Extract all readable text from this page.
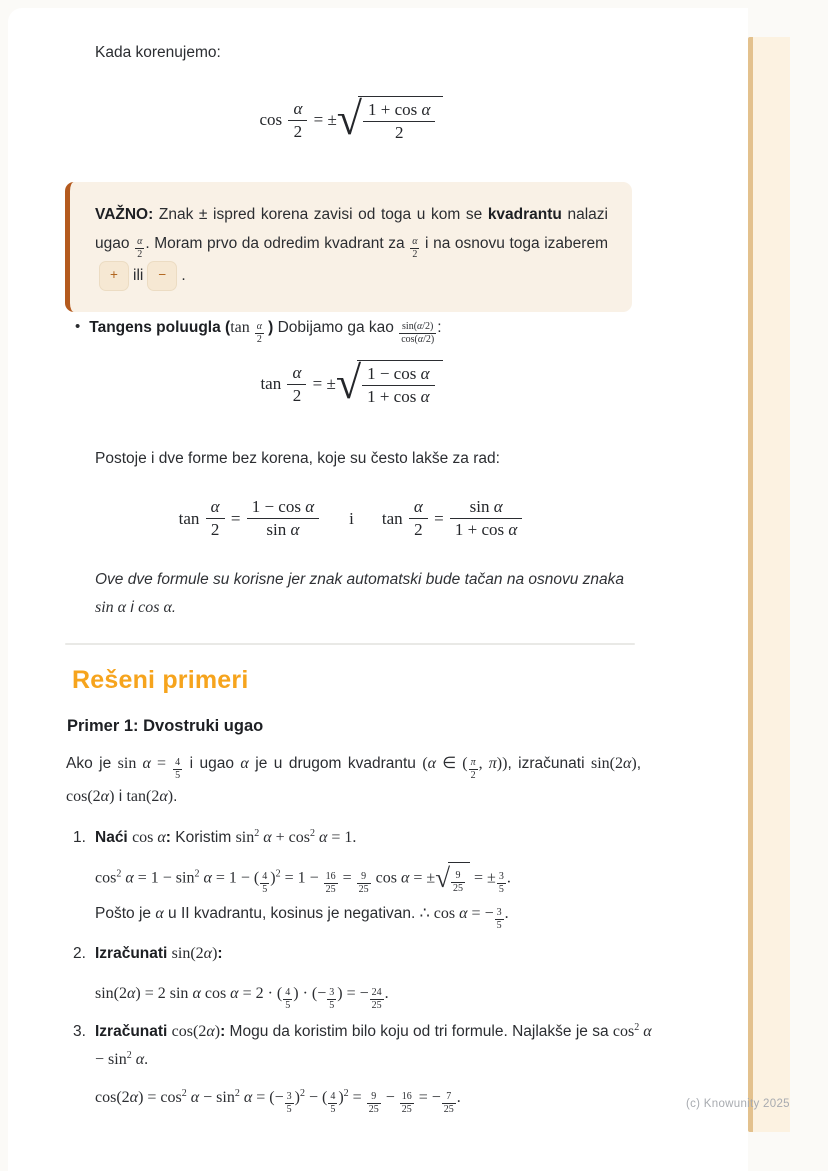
Kada korenujemo:
$\cos \frac{\alpha}{2}$ = ± √ $\frac{\text{1 + cos α}}{2}$
VAŽNO: Znak ± ispred korena zavisi od toga u kom se kvadrantu nalazi ugao $\frac{\alpha}{2}$ . Moram prvo da odredim kvadrant za $\frac{\alpha}{2}$ i na osnovu toga izaberem+ ili − .
• Tangens poluugla ($\tan \frac{\alpha}{2}$  ) Dobijamo ga kao $\frac{\sin(\alpha/2)}{\cos(\alpha/2)}$ :
$\tan \frac{\alpha}{2}$ = ± √ $\frac{\text{1 − cos α}}{\text{1 + cos α}}$
Postoje i dve forme bez korena, koje su često lakše za rad:
$\tan \frac{\alpha}{2} = \frac{\text{1 − cos α}}{\text{sin α}}$ i $\tan \frac{\alpha}{2} = \frac{\text{sin α}}{\text{1 + cos α}}$
Ove dve formule su korisne jer znak automatski bude tačan na osnovu znaka sin α i cos α.
Rešeni primeri
Primer 1: Dvostruki ugao
Ako je $\sin \alpha = \frac{4}{5}$ i ugao α je u drugom kvadrantu (α ∈ ( $\frac{\pi}{2}$ , π)), izračunati sin(2α), cos(2α) i tan(2α).
1. Naći cos α: Koristim $\sin^2 \alpha + \cos^2 \alpha = 1$.
$\cos^2 \alpha = 1 - \sin^2 \alpha = 1$ − ( $\frac{4}{5} )^2 = 1 - \frac{16}{25} = \frac{9}{25}$ cos α = ± √ $\frac{9}{25}$ = ± $\frac{3}{5}$ .
Pošto je α u II kvadrantu, kosinus je negativan. ∴ cos α = − $\frac{3}{5}$ .
2. Izračunati sin(2α):
sin(2α) = 2 sin α cos α = 2 · ( $\frac{4}{5}$ ) · (− $\frac{3}{5}$ ) = − $\frac{24}{25}$ .
3. Izračunati cos(2α): Mogu da koristim bilo koju od tri formule. Najlakše je sa $\cos^2 \alpha - \sin^2 \alpha$.
$\cos(2\alpha) = \cos^2 \alpha - \sin^2 \alpha$ = (− $\frac{3}{5} )^2$ − ( $\frac{4}{5} )^2 = \frac{9}{25} - \frac{16}{25}$ = − $\frac{7}{25}$ .	(c) Knowunity 2025
